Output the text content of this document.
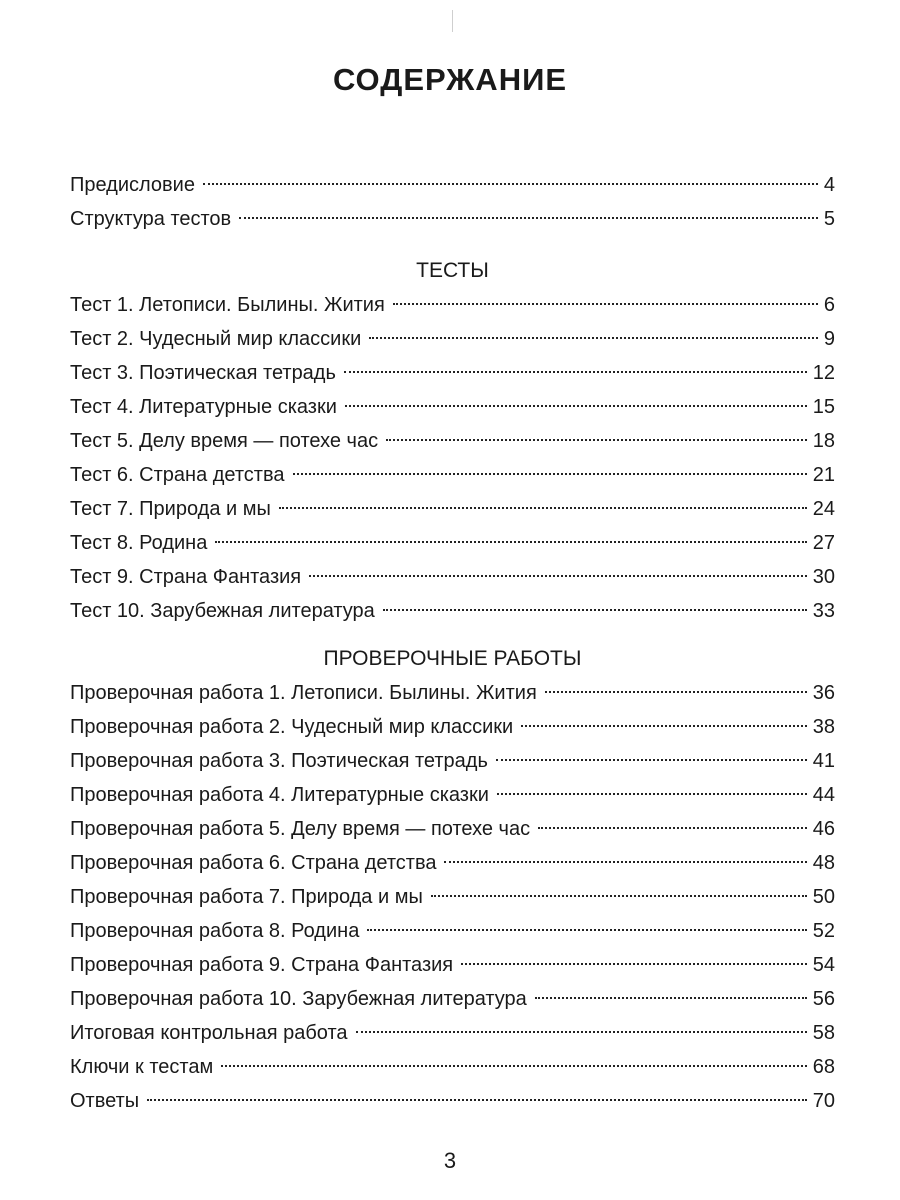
СОДЕРЖАНИЕ
Предисловие	4
Структура тестов	5
ТЕСТЫ
Тест 1. Летописи. Былины. Жития	6
Тест 2. Чудесный мир классики	9
Тест 3. Поэтическая тетрадь	12
Тест 4. Литературные сказки	15
Тест 5. Делу время — потехе час	18
Тест 6. Страна детства	21
Тест 7. Природа и мы	24
Тест 8. Родина	27
Тест 9. Страна Фантазия	30
Тест 10. Зарубежная литература	33
ПРОВЕРОЧНЫЕ РАБОТЫ
Проверочная работа 1. Летописи. Былины. Жития	36
Проверочная работа 2. Чудесный мир классики	38
Проверочная работа 3. Поэтическая тетрадь	41
Проверочная работа 4. Литературные сказки	44
Проверочная работа 5. Делу время — потехе час	46
Проверочная работа 6. Страна детства	48
Проверочная работа 7. Природа и мы	50
Проверочная работа 8. Родина	52
Проверочная работа 9. Страна Фантазия	54
Проверочная работа 10. Зарубежная литература	56
Итоговая контрольная работа	58
Ключи к тестам	68
Ответы	70
3
